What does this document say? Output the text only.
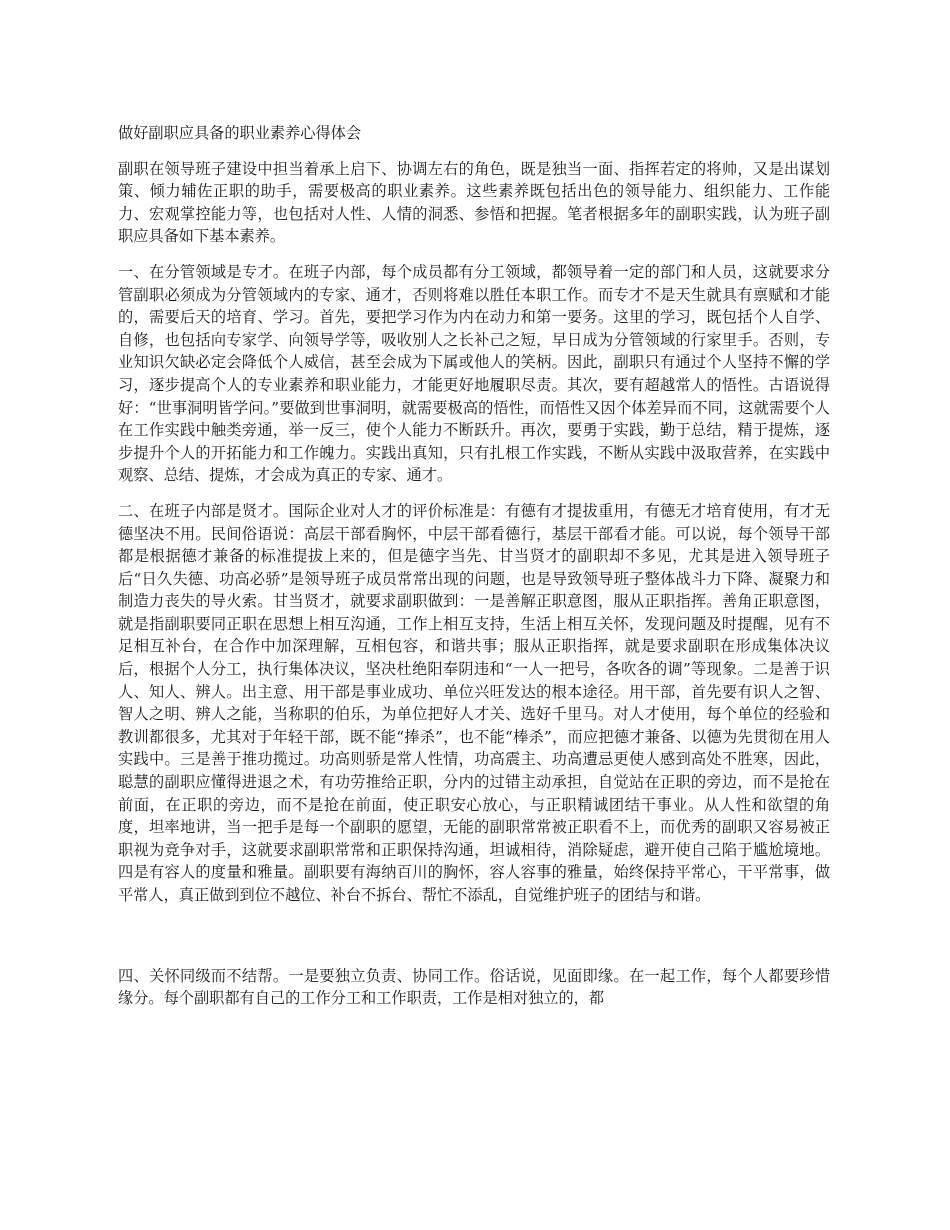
做好副职应具备的职业素养心得体会

副职在领导班子建设中担当着承上启下、协调左右的角色，既是独当一面、指挥若定的将帅，又是出谋划策、倾力辅佐正职的助手，需要极高的职业素养。这些素养既包括出色的领导能力、组织能力、工作能力、宏观掌控能力等，也包括对人性、人情的洞悉、参悟和把握。笔者根据多年的副职实践，认为班子副职应具备如下基本素养。

一、在分管领域是专才。在班子内部，每个成员都有分工领域，都领导着一定的部门和人员，这就要求分管副职必须成为分管领域内的专家、通才，否则将难以胜任本职工作。而专才不是天生就具有禀赋和才能的，需要后天的培育、学习。首先，要把学习作为内在动力和第一要务。这里的学习，既包括个人自学、自修，也包括向专家学、向领导学等，吸收别人之长补己之短，早日成为分管领域的行家里手。否则，专业知识欠缺必定会降低个人威信，甚至会成为下属或他人的笑柄。因此，副职只有通过个人坚持不懈的学习，逐步提高个人的专业素养和职业能力，才能更好地履职尽责。其次，要有超越常人的悟性。古语说得好：“世事洞明皆学问。”要做到世事洞明，就需要极高的悟性，而悟性又因个体差异而不同，这就需要个人在工作实践中触类旁通，举一反三，使个人能力不断跃升。再次，要勇于实践，勤于总结，精于提炼，逐步提升个人的开拓能力和工作魄力。实践出真知，只有扎根工作实践，不断从实践中汲取营养，在实践中观察、总结、提炼，才会成为真正的专家、通才。

二、在班子内部是贤才。国际企业对人才的评价标准是：有德有才提拔重用，有德无才培育使用，有才无德坚决不用。民间俗语说：高层干部看胸怀，中层干部看德行，基层干部看才能。可以说，每个领导干部都是根据德才兼备的标准提拔上来的，但是德字当先、甘当贤才的副职却不多见，尤其是进入领导班子后“日久失德、功高必骄”是领导班子成员常常出现的问题，也是导致领导班子整体战斗力下降、凝聚力和制造力丧失的导火索。甘当贤才，就要求副职做到：一是善解正职意图，服从正职指挥。善角正职意图，就是指副职要同正职在思想上相互沟通，工作上相互支持，生活上相互关怀，发现问题及时提醒，见有不足相互补台，在合作中加深理解，互相包容，和谐共事；服从正职指挥，就是要求副职在形成集体决议后，根据个人分工，执行集体决议，坚决杜绝阳奉阴违和“一人一把号，各吹各的调”等现象。二是善于识人、知人、辨人。出主意、用干部是事业成功、单位兴旺发达的根本途径。用干部，首先要有识人之智、智人之明、辨人之能，当称职的伯乐，为单位把好人才关、选好千里马。对人才使用，每个单位的经验和教训都很多，尤其对于年轻干部，既不能“捧杀”，也不能“棒杀”，而应把德才兼备、以德为先贯彻在用人实践中。三是善于推功揽过。功高则骄是常人性情，功高震主、功高遭忌更使人感到高处不胜寒，因此，聪慧的副职应懂得进退之术，有功劳推给正职，分内的过错主动承担，自觉站在正职的旁边，而不是抢在前面，在正职的旁边，而不是抢在前面，使正职安心放心，与正职精诚团结干事业。从人性和欲望的角度，坦率地讲，当一把手是每一个副职的愿望，无能的副职常常被正职看不上，而优秀的副职又容易被正职视为竞争对手，这就要求副职常常和正职保持沟通，坦诚相待，消除疑虑，避开使自己陷于尴尬境地。四是有容人的度量和雅量。副职要有海纳百川的胸怀，容人容事的雅量，始终保持平常心，干平常事，做平常人，真正做到到位不越位、补台不拆台、帮忙不添乱，自觉维护班子的团结与和谐。

四、关怀同级而不结帮。一是要独立负责、协同工作。俗话说，见面即缘。在一起工作，每个人都要珍惜缘分。每个副职都有自己的工作分工和工作职责，工作是相对独立的，都
